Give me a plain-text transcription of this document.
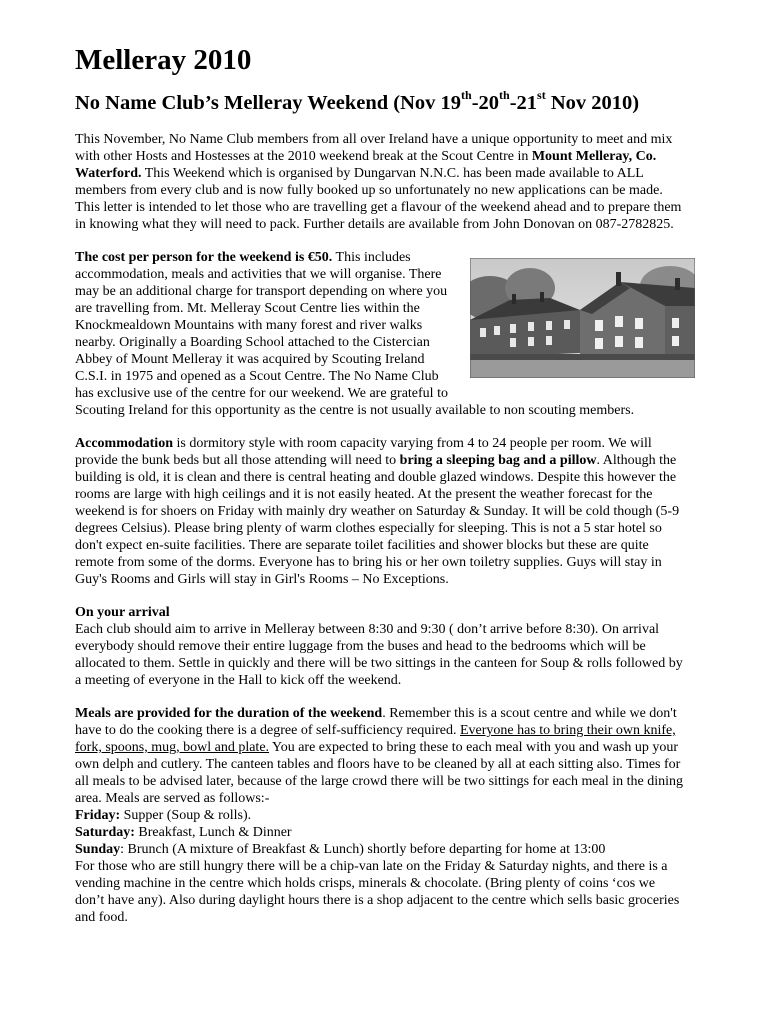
Melleray 2010
No Name Club’s Melleray Weekend (Nov 19th-20th-21st Nov 2010)

This November, No Name Club members from all over Ireland have a unique opportunity to meet and mix
with other Hosts and Hostesses at the 2010 weekend break at the Scout Centre in Mount Melleray, Co.
Waterford. This Weekend which is organised by Dungarvan N.N.C. has been made available to ALL
members from every club and is now fully booked up so unfortunately no new applications can be made.
This letter is intended to let those who are travelling get a flavour of the weekend ahead and to prepare them
in knowing what they will need to pack. Further details are available from John Donovan on 087-2782825.

The cost per person for the weekend is €50. This includes
accommodation, meals and activities that we will organise. There
may be an additional charge for transport depending on where you
are travelling from. Mt. Melleray Scout Centre lies within the
Knockmealdown Mountains with many forest and river walks
nearby. Originally a Boarding School attached to the Cistercian
Abbey of Mount Melleray it was acquired by Scouting Ireland
C.S.I. in 1975 and opened as a Scout Centre. The No Name Club
has exclusive use of the centre for our weekend. We are grateful to
Scouting Ireland for this opportunity as the centre is not usually available to non scouting members.

Accommodation is dormitory style with room capacity varying from 4 to 24 people per room. We will
provide the bunk beds but all those attending will need to bring a sleeping bag and a pillow. Although the
building is old, it is clean and there is central heating and double glazed windows. Despite this however the
rooms are large with high ceilings and it is not easily heated. At the present the weather forecast for the
weekend is for shoers on Friday with mainly dry weather on Saturday & Sunday. It will be cold though (5-9
degrees Celsius). Please bring plenty of warm clothes especially for sleeping. This is not a 5 star hotel so
don't expect en-suite facilities. There are separate toilet facilities and shower blocks but these are quite
remote from some of the dorms. Everyone has to bring his or her own toiletry supplies. Guys will stay in
Guy's Rooms and Girls will stay in Girl's Rooms – No Exceptions.

On your arrival
Each club should aim to arrive in Melleray between 8:30 and 9:30 ( don’t arrive before 8:30). On arrival
everybody should remove their entire luggage from the buses and head to the bedrooms which will be
allocated to them. Settle in quickly and there will be two sittings in the canteen for Soup & rolls followed by
a meeting of everyone in the Hall to kick off the weekend.

Meals are provided for the duration of the weekend. Remember this is a scout centre and while we don't
have to do the cooking there is a degree of self-sufficiency required. Everyone has to bring their own knife,
fork, spoons, mug, bowl and plate. You are expected to bring these to each meal with you and wash up your
own delph and cutlery. The canteen tables and floors have to be cleaned by all at each sitting also. Times for
all meals to be advised later, because of the large crowd there will be two sittings for each meal in the dining
area. Meals are served as follows:-
Friday: Supper (Soup & rolls).
Saturday: Breakfast, Lunch & Dinner
Sunday: Brunch (A mixture of Breakfast & Lunch) shortly before departing for home at 13:00
For those who are still hungry there will be a chip-van late on the Friday & Saturday nights, and there is a
vending machine in the centre which holds crisps, minerals & chocolate. (Bring plenty of coins ‘cos we
don’t have any). Also during daylight hours there is a shop adjacent to the centre which sells basic groceries
and food.
